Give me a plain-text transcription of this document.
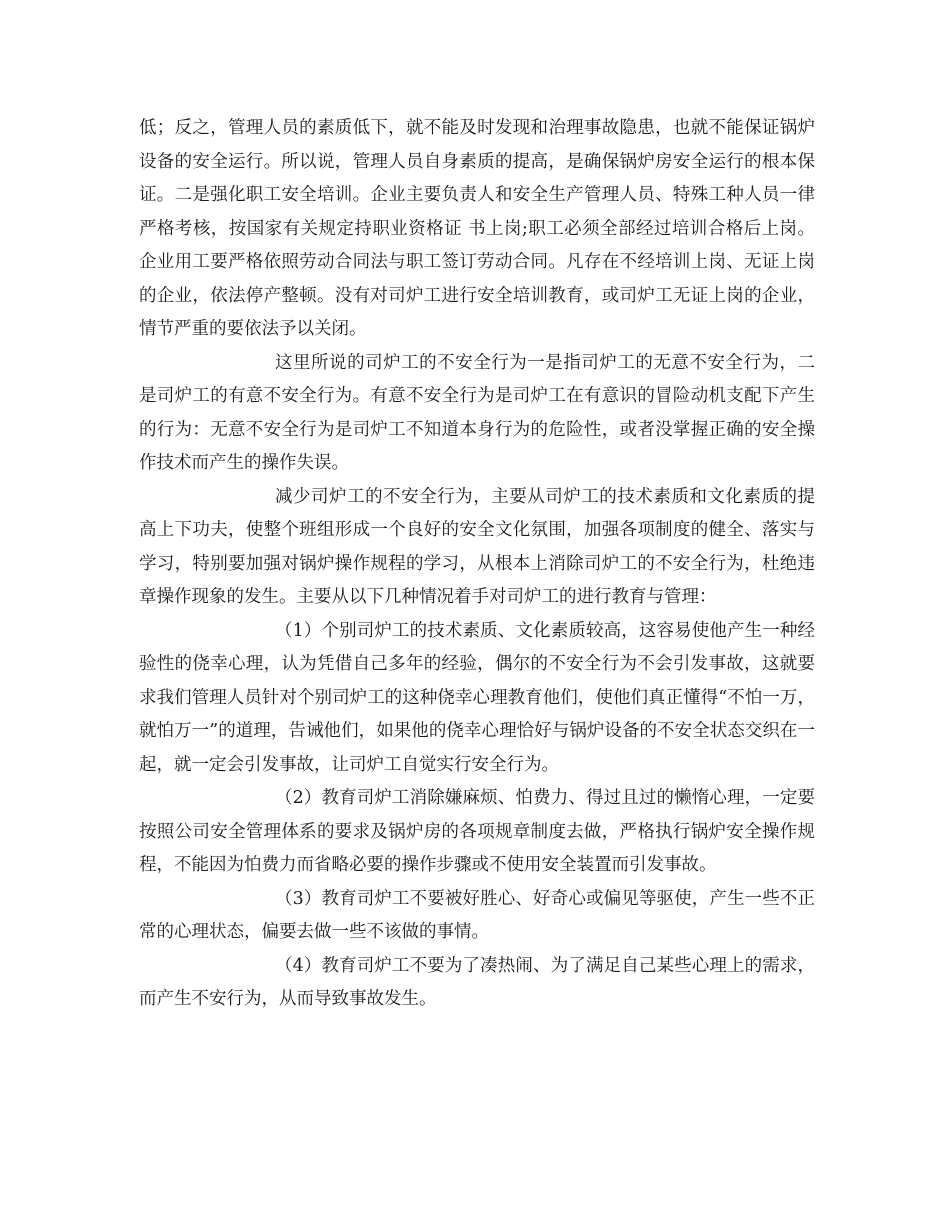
低；反之，管理人员的素质低下，就不能及时发现和治理事故隐患，也就不能保证锅炉设备的安全运行。所以说，管理人员自身素质的提高，是确保锅炉房安全运行的根本保证。二是强化职工安全培训。企业主要负责人和安全生产管理人员、特殊工种人员一律严格考核，按国家有关规定持职业资格证 书上岗;职工必须全部经过培训合格后上岗。企业用工要严格依照劳动合同法与职工签订劳动合同。凡存在不经培训上岗、无证上岗的企业，依法停产整顿。没有对司炉工进行安全培训教育，或司炉工无证上岗的企业，情节严重的要依法予以关闭。

这里所说的司炉工的不安全行为一是指司炉工的无意不安全行为，二是司炉工的有意不安全行为。有意不安全行为是司炉工在有意识的冒险动机支配下产生的行为：无意不安全行为是司炉工不知道本身行为的危险性，或者没掌握正确的安全操作技术而产生的操作失误。

减少司炉工的不安全行为，主要从司炉工的技术素质和文化素质的提高上下功夫，使整个班组形成一个良好的安全文化氛围，加强各项制度的健全、落实与学习，特别要加强对锅炉操作规程的学习，从根本上消除司炉工的不安全行为，杜绝违章操作现象的发生。主要从以下几种情况着手对司炉工的进行教育与管理：

（1）个别司炉工的技术素质、文化素质较高，这容易使他产生一种经验性的侥幸心理，认为凭借自己多年的经验，偶尔的不安全行为不会引发事故，这就要求我们管理人员针对个别司炉工的这种侥幸心理教育他们，使他们真正懂得“不怕一万，就怕万一”的道理，告诫他们，如果他的侥幸心理恰好与锅炉设备的不安全状态交织在一起，就一定会引发事故，让司炉工自觉实行安全行为。

（2）教育司炉工消除嫌麻烦、怕费力、得过且过的懒惰心理，一定要按照公司安全管理体系的要求及锅炉房的各项规章制度去做，严格执行锅炉安全操作规程，不能因为怕费力而省略必要的操作步骤或不使用安全装置而引发事故。

（3）教育司炉工不要被好胜心、好奇心或偏见等驱使，产生一些不正常的心理状态，偏要去做一些不该做的事情。

（4）教育司炉工不要为了凑热闹、为了满足自己某些心理上的需求，而产生不安行为，从而导致事故发生。
